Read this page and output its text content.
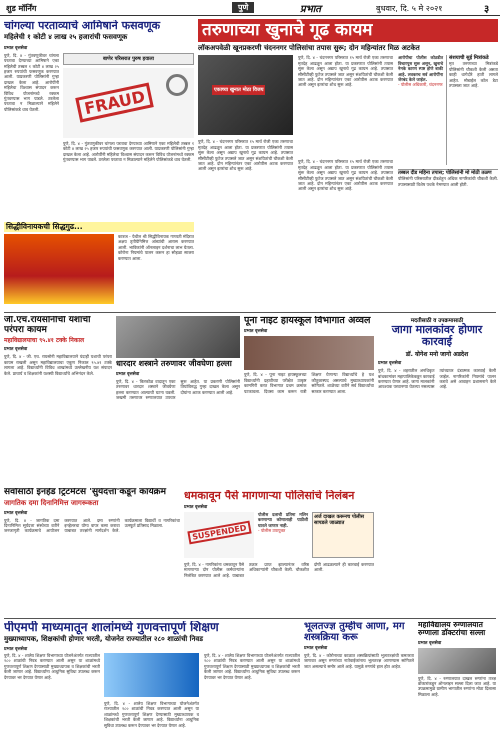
शुड मॉर्निंग	पुणे	प्रभात	बुधवार, दि. ५ मे २०२१	३
चांगल्या परताव्याचे आमिषाने फसवणूक
महिलेची १ कोटी ४ लाख २५ हजारांची फसवणूक
प्रभात वृत्तसेवा
पुणे, दि. ४ - गुंतवणुकीवर चांगला परतावा देण्याच्या आमिषाने एका महिलेची तब्बल १ कोटी ४ लाख २५ हजार रुपयांची फसवणूक करण्यात आली. याप्रकरणी पोलिसांनी गुन्हा दाखल केला आहे. आरोपींनी महिलेचा विश्वास संपादन करून विविध योजनांमध्ये रक्कम गुंतवण्यास भाग पाडले. ठरलेला परतावा न मिळाल्याने महिलेने पोलिसांकडे धाव घेतली.
बाणेर परिसरात पुरुष हवाला
FRAUD
पुणे, दि. ४ - गुंतवणुकीवर चांगला परतावा देण्याच्या आमिषाने एका महिलेची तब्बल १ कोटी ४ लाख २५ हजार रुपयांची फसवणूक करण्यात आली. याप्रकरणी पोलिसांनी गुन्हा दाखल केला आहे. आरोपींनी महिलेचा विश्वास संपादन करून विविध योजनांमध्ये रक्कम गुंतवण्यास भाग पाडले. ठरलेला परतावा न मिळाल्याने महिलेने पोलिसांकडे धाव घेतली.
तरुणाच्या खुनाचे गूढ कायम
लॉकअपवेळी खूनप्रकरणी चंदननगर पोलिसांचा तपास सुरू; दोन महिन्यांतर मिळ अटकेत
एकाच्या खुनात मोठा विजय
पुणे, दि. ४ - चंदननगर परिसरात १५ मार्च रोजी एका तरुणाचा मृतदेह आढळून आला होता. या प्रकरणात पोलिसांनी तपास सुरू केला असून अद्याप खुनाचे गूढ कायम आहे. तपासात सीसीटीव्ही फुटेज तपासले जात असून संशयितांची चौकशी केली जात आहे. दोन महिन्यांनंतर एका आरोपीस अटक करण्यात आली असून इतरांचा शोध सुरू आहे.
पुणे, दि. ४ - चंदननगर परिसरात १५ मार्च रोजी एका तरुणाचा मृतदेह आढळून आला होता. या प्रकरणात पोलिसांनी तपास सुरू केला असून अद्याप खुनाचे गूढ कायम आहे. तपासात सीसीटीव्ही फुटेज तपासले जात असून संशयितांची चौकशी केली जात आहे. दोन महिन्यांनंतर एका आरोपीस अटक करण्यात आली असून इतरांचा शोध सुरू आहे.
पुणे, दि. ४ - चंदननगर परिसरात १५ मार्च रोजी एका तरुणाचा मृतदेह आढळून आला होता. या प्रकरणात पोलिसांनी तपास सुरू केला असून अद्याप खुनाचे गूढ कायम आहे. तपासात सीसीटीव्ही फुटेज तपासले जात असून संशयितांची चौकशी केली जात आहे. दोन महिन्यांनंतर एका आरोपीस अटक करण्यात आली असून इतरांचा शोध सुरू आहे.
आरोपीचा पोलीस कोठडीत विचारपूस सुरू असून, खुनाचे नेमके कारण स्पष्ट होणे बाकी आहे. लवकरच सर्व आरोपींना जेरबंद केले जाईल.
- पोलीस अधिकारी, चंदननगर
संशयाची सुई मित्रांकडे
मृत तरुणाच्या मित्रांकडे पोलिसांनी चौकशी केली असता काही धागेदोरे हाती लागले आहेत. मोबाईल कॉल डेटा तपासला जात आहे.
तब्बल दीड महिना तपास; पोलिसांनी मो मोठी तळण
पोलिसांनी परिसरातील दीडशेहून अधिक नागरिकांची चौकशी केली. तपासासाठी विशेष पथके नेमण्यात आली होती.
सिद्धीविनायकची सिद्धगुढ...
कात्रज - येथील श्री सिद्धीविनायक गणपती मंदिरात अक्षय तृतीयेनिमित्त आंब्यांची आरास करण्यात आली. भाविकांनी ऑनलाइन दर्शनाचा लाभ घेतला. कोरोना नियमांचे पालन करून हा सोहळा साजरा करण्यात आला.
जी.एच.रायसोनीची यशाची परंपरा कायम
महाविद्यालयाचा ९५.४१ टक्के निकाल
प्रभात वृत्तसेवा
पुणे, दि. ४ - जी. एच. रायसोनी महाविद्यालयाने यंदाही यशाची परंपरा कायम राखली असून महाविद्यालयाचा एकूण निकाल ९५.४१ टक्के लागला आहे. विद्यार्थ्यांनी विविध शाखांमध्ये उल्लेखनीय यश संपादन केले. प्राचार्य व शिक्षकांनी यशस्वी विद्यार्थ्यांचे अभिनंदन केले.
धारदार शस्त्राने तरुणावर जीवघेणा हल्ला
प्रभात वृत्तसेवा
पुणे, दि. ४ - किरकोळ वादातून एका तरुणावर धारदार शस्त्राने जीवघेणा हल्ला करण्यात आल्याची घटना घडली. जखमी तरुणावर रुग्णालयात उपचार सुरू आहेत. या प्रकरणी पोलिसांनी तिघांविरुद्ध गुन्हा दाखल केला असून दोघांना अटक करण्यात आली आहे.
पूना नाइट हायस्कूल विभागात अव्वल
प्रभात वृत्तसेवा
पुणे, दि. ४ - पूना नाइट हायस्कूलच्या विद्यार्थ्यांनी दहावीच्या परीक्षेत उत्कृष्ट कामगिरी करत विभागात प्रथम क्रमांक पटकावला. दिवसा काम करून रात्री शिक्षण घेणाऱ्या विद्यार्थ्यांचे हे यश कौतुकास्पद असल्याचे मुख्याध्यापकांनी सांगितले. शाळेच्या वतीने सर्व विद्यार्थ्यांचा सत्कार करण्यात आला.
मदतीसाठी व उपक्रमासाठी
जागा मालकांवर होणार कारवाई
डॉ. योगेश मनो जागो अडदेश
प्रभात वृत्तसेवा
पुणे, दि. ४ - शहरातील अनधिकृत बांधकामांवर महापालिकेकडून कारवाई करण्यात येणार आहे. जागा मालकांनी आवश्यक परवानग्या घेतल्या नसल्यास त्यांच्यावर दंडात्मक कारवाई केली जाईल. नागरिकांनी नियमांचे पालन करावे असे आवाहन प्रशासनाने केले आहे.
सर्वासाठी इनहेड ट्रिटमेंटस 'सुर्यदत्ता'कडून कार्यक्रम
जागतिक दमा दिनानिमित्त जागरूकता
प्रभात वृत्तसेवा
पुणे, दि. ४ - जागतिक दमा दिनानिमित्त सूर्यदत्ता संस्थेच्या वतीने जनजागृती कार्यक्रमाचे आयोजन करण्यात आले. दमा रुग्णांनी इनहेलरचा योग्य वापर कसा करावा याबाबत तज्ज्ञांनी मार्गदर्शन केले. कार्यक्रमाला विद्यार्थी व नागरिकांचा उत्स्फूर्त प्रतिसाद मिळाला.
धमकावून पैसे मागणाऱ्या पोलिसांचे निलंबन
प्रभात वृत्तसेवा
SUSPENDED
पोलीस दलाची प्रतिमा मलिन करणाऱ्या कोणालाही पाठीशी घातले जाणार नाही.
- पोलीस उपायुक्त
अर्ज दाखल करूनच पोलीस सापडले जाळ्यात
पुणे, दि. ४ - नागरिकांना धमकावून पैसे मागणाऱ्या दोन पोलीस कर्मचाऱ्यांना निलंबित करण्यात आले आहे. याबाबत तक्रार प्राप्त झाल्यानंतर वरिष्ठ अधिकाऱ्यांनी चौकशी केली. चौकशीत दोषी आढळल्याने ही कारवाई करण्यात आली.
पीएमपी माध्यमातून शालांमध्ये गुणवत्तापूर्ण शिक्षण
मुख्याध्यापक, शिक्षकांची होणार भरती, योजनेत राज्यातील २८० शाळांची निवड
प्रभात वृत्तसेवा
पुणे, दि. ४ - शालेय शिक्षण विभागाच्या योजनेअंतर्गत राज्यातील २८० शाळांची निवड करण्यात आली असून या शाळांमध्ये गुणवत्तापूर्ण शिक्षण देण्यासाठी मुख्याध्यापक व शिक्षकांची भरती केली जाणार आहे. विद्यार्थ्यांना आधुनिक सुविधा उपलब्ध करून देण्यावर भर देण्यात येणार आहे.
पुणे, दि. ४ - शालेय शिक्षण विभागाच्या योजनेअंतर्गत राज्यातील २८० शाळांची निवड करण्यात आली असून या शाळांमध्ये गुणवत्तापूर्ण शिक्षण देण्यासाठी मुख्याध्यापक व शिक्षकांची भरती केली जाणार आहे. विद्यार्थ्यांना आधुनिक सुविधा उपलब्ध करून देण्यावर भर देण्यात येणार आहे.
पुणे, दि. ४ - शालेय शिक्षण विभागाच्या योजनेअंतर्गत राज्यातील २८० शाळांची निवड करण्यात आली असून या शाळांमध्ये गुणवत्तापूर्ण शिक्षण देण्यासाठी मुख्याध्यापक व शिक्षकांची भरती केली जाणार आहे. विद्यार्थ्यांना आधुनिक सुविधा उपलब्ध करून देण्यावर भर देण्यात येणार आहे.
भूलतज्ज्ञ तुम्हीच आणा, मग शस्त्रक्रिया करू
प्रभात वृत्तसेवा
पुणे, दि. ४ - कोरोनाच्या काळात शस्त्रक्रियांसाठी भूलतज्ज्ञांची कमतरता जाणवत असून रुग्णांच्या नातेवाईकांनाच भूलतज्ज्ञ आणण्यास सांगितले जात असल्याचे समोर आले आहे. यामुळे रुग्णांचे हाल होत आहेत.
महाविद्यालय रुग्णालयात रुग्णाला डॉक्टरांचा सल्ला
प्रभात वृत्तसेवा
पुणे, दि. ४ - रुग्णालयात दाखल रुग्णांना तज्ज्ञ डॉक्टरांकडून ऑनलाइन सल्ला दिला जात आहे. या उपक्रमामुळे ग्रामीण भागातील रुग्णांना मोठा दिलासा मिळाला आहे.
